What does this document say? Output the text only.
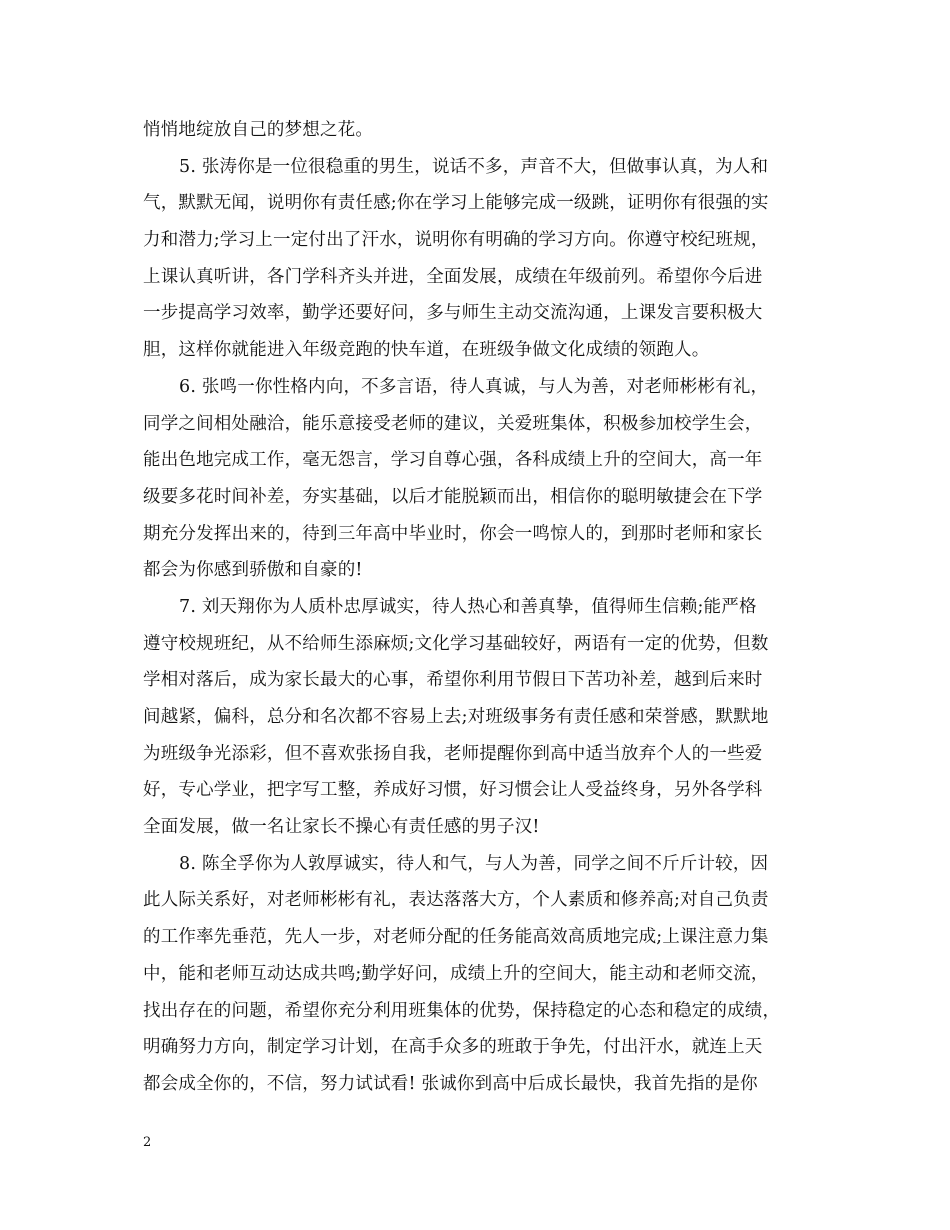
悄悄地绽放自己的梦想之花。
5. 张涛你是一位很稳重的男生，说话不多，声音不大，但做事认真，为人和
气，默默无闻，说明你有责任感;你在学习上能够完成一级跳，证明你有很强的实
力和潜力;学习上一定付出了汗水，说明你有明确的学习方向。你遵守校纪班规，
上课认真听讲，各门学科齐头并进，全面发展，成绩在年级前列。希望你今后进
一步提高学习效率，勤学还要好问，多与师生主动交流沟通，上课发言要积极大
胆，这样你就能进入年级竞跑的快车道，在班级争做文化成绩的领跑人。
6. 张鸣一你性格内向，不多言语，待人真诚，与人为善，对老师彬彬有礼，
同学之间相处融洽，能乐意接受老师的建议，关爱班集体，积极参加校学生会，
能出色地完成工作，毫无怨言，学习自尊心强，各科成绩上升的空间大，高一年
级要多花时间补差，夯实基础，以后才能脱颖而出，相信你的聪明敏捷会在下学
期充分发挥出来的，待到三年高中毕业时，你会一鸣惊人的，到那时老师和家长
都会为你感到骄傲和自豪的!
7. 刘天翔你为人质朴忠厚诚实，待人热心和善真挚，值得师生信赖;能严格
遵守校规班纪，从不给师生添麻烦;文化学习基础较好，两语有一定的优势，但数
学相对落后，成为家长最大的心事，希望你利用节假日下苦功补差，越到后来时
间越紧，偏科，总分和名次都不容易上去;对班级事务有责任感和荣誉感，默默地
为班级争光添彩，但不喜欢张扬自我，老师提醒你到高中适当放弃个人的一些爱
好，专心学业，把字写工整，养成好习惯，好习惯会让人受益终身，另外各学科
全面发展，做一名让家长不操心有责任感的男子汉!
8. 陈全孚你为人敦厚诚实，待人和气，与人为善，同学之间不斤斤计较，因
此人际关系好，对老师彬彬有礼，表达落落大方，个人素质和修养高;对自己负责
的工作率先垂范，先人一步，对老师分配的任务能高效高质地完成;上课注意力集
中，能和老师互动达成共鸣;勤学好问，成绩上升的空间大，能主动和老师交流，
找出存在的问题，希望你充分利用班集体的优势，保持稳定的心态和稳定的成绩，
明确努力方向，制定学习计划，在高手众多的班敢于争先，付出汗水，就连上天
都会成全你的，不信，努力试试看! 张诚你到高中后成长最快，我首先指的是你
2
